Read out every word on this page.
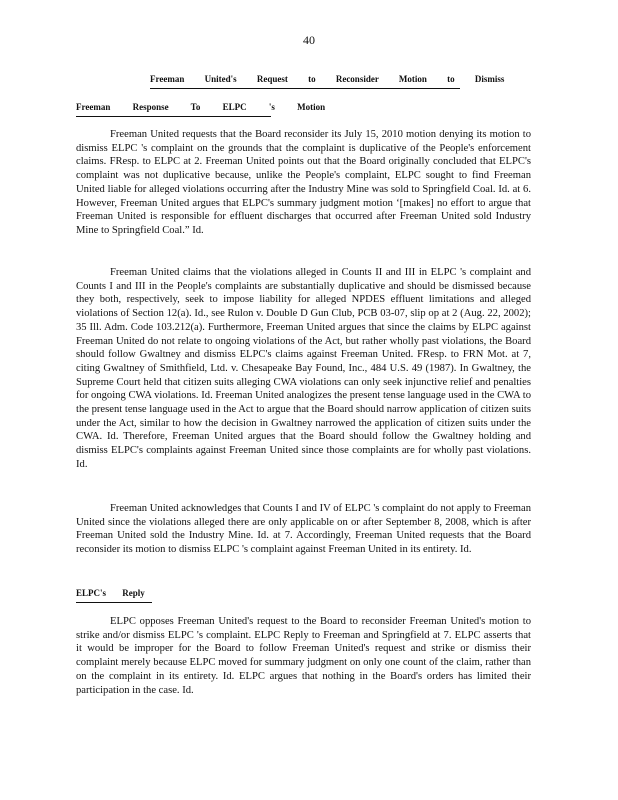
40
Freeman United's Request to Reconsider Motion to Dismiss
Freeman Response To ELPC 's Motion

Freeman United requests that the Board reconsider its July 15, 2010 motion denying its motion to dismiss ELPC 's complaint on the grounds that the complaint is duplicative of the People's enforcement claims. FResp. to ELPC at 2. Freeman United points out that the Board originally concluded that ELPC's complaint was not duplicative because, unlike the People's complaint, ELPC sought to find Freeman United liable for alleged violations occurring after the Industry Mine was sold to Springfield Coal. Id. at 6. However, Freeman United argues that ELPC's summary judgment motion ‘[makes] no effort to argue that Freeman United is responsible for effluent discharges that occurred after Freeman United sold Industry Mine to Springfield Coal.” Id.

Freeman United claims that the violations alleged in Counts II and III in ELPC 's complaint and Counts I and III in the People's complaints are substantially duplicative and should be dismissed because they both, respectively, seek to impose liability for alleged NPDES effluent limitations and alleged violations of Section 12(a). Id., see Rulon v. Double D Gun Club, PCB 03-07, slip op at 2 (Aug. 22, 2002); 35 Ill. Adm. Code 103.212(a). Furthermore, Freeman United argues that since the claims by ELPC against Freeman United do not relate to ongoing violations of the Act, but rather wholly past violations, the Board should follow Gwaltney and dismiss ELPC's claims against Freeman United. FResp. to FRN Mot. at 7, citing Gwaltney of Smithfield, Ltd. v. Chesapeake Bay Found, Inc., 484 U.S. 49 (1987). In Gwaltney, the Supreme Court held that citizen suits alleging CWA violations can only seek injunctive relief and penalties for ongoing CWA violations. Id. Freeman United analogizes the present tense language used in the CWA to the present tense language used in the Act to argue that the Board should narrow application of citizen suits under the Act, similar to how the decision in Gwaltney narrowed the application of citizen suits under the CWA. Id. Therefore, Freeman United argues that the Board should follow the Gwaltney holding and dismiss ELPC's complaints against Freeman United since those complaints are for wholly past violations. Id.

Freeman United acknowledges that Counts I and IV of ELPC 's complaint do not apply to Freeman United since the violations alleged there are only applicable on or after September 8, 2008, which is after Freeman United sold the Industry Mine. Id. at 7. Accordingly, Freeman United requests that the Board reconsider its motion to dismiss ELPC 's complaint against Freeman United in its entirety. Id.

ELPC's Reply

ELPC opposes Freeman United's request to the Board to reconsider Freeman United's motion to strike and/or dismiss ELPC 's complaint. ELPC Reply to Freeman and Springfield at 7. ELPC asserts that it would be improper for the Board to follow Freeman United's request and strike or dismiss their complaint merely because ELPC moved for summary judgment on only one count of the claim, rather than on the complaint in its entirety. Id. ELPC argues that nothing in the Board's orders has limited their participation in the case. Id.
